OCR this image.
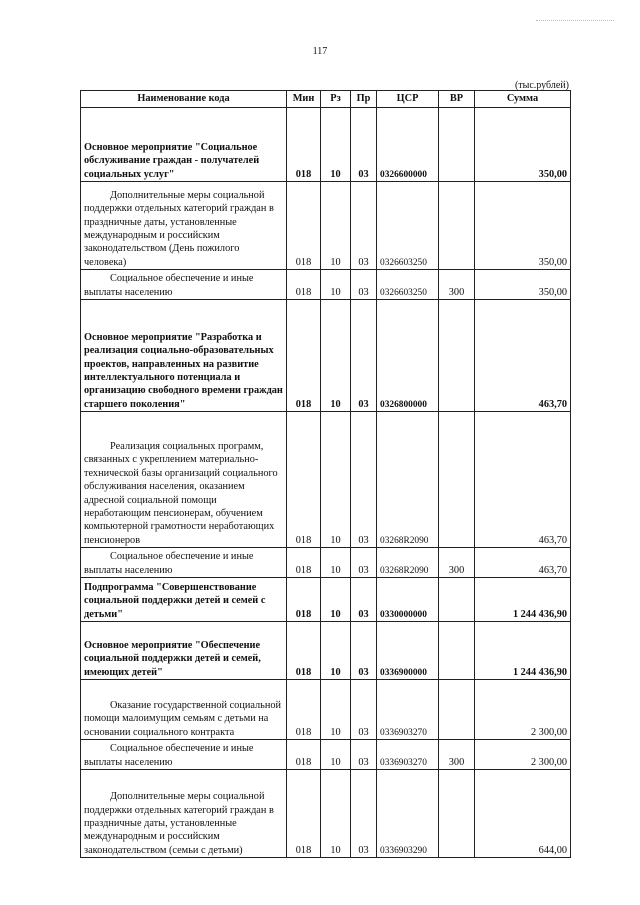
117
(тыс.рублей)
Наименование кода	Мин	Рз	Пр	ЦСР	ВР	Сумма

Основное мероприятие "Социальное обслуживание граждан - получателей социальных услуг"	018	10	03	0326600000		350,00

Дополнительные меры социальной поддержки отдельных категорий граждан в праздничные даты, установленные международным и российским законодательством (День пожилого человека)	018	10	03	0326603250		350,00

Социальное обеспечение и иные выплаты населению	018	10	03	0326603250	300	350,00

Основное мероприятие "Разработка и реализация социально-образовательных проектов, направленных на развитие интеллектуального потенциала и организацию свободного времени граждан старшего поколения"	018	10	03	0326800000		463,70

Реализация социальных программ, связанных с укреплением материально-технической базы организаций социального обслуживания населения, оказанием адресной социальной помощи неработающим пенсионерам, обучением компьютерной грамотности неработающих пенсионеров	018	10	03	03268R2090		463,70

Социальное обеспечение и иные выплаты населению	018	10	03	03268R2090	300	463,70

Подпрограмма "Совершенствование социальной поддержки детей и семей с детьми"	018	10	03	0330000000		1 244 436,90

Основное мероприятие "Обеспечение социальной поддержки детей и семей, имеющих детей"	018	10	03	0336900000		1 244 436,90

Оказание государственной социальной помощи малоимущим семьям с детьми на основании социального контракта	018	10	03	0336903270		2 300,00

Социальное обеспечение и иные выплаты населению	018	10	03	0336903270	300	2 300,00

Дополнительные меры социальной поддержки отдельных категорий граждан в праздничные даты, установленные международным и российским законодательством (семьи с детьми)	018	10	03	0336903290		644,00
